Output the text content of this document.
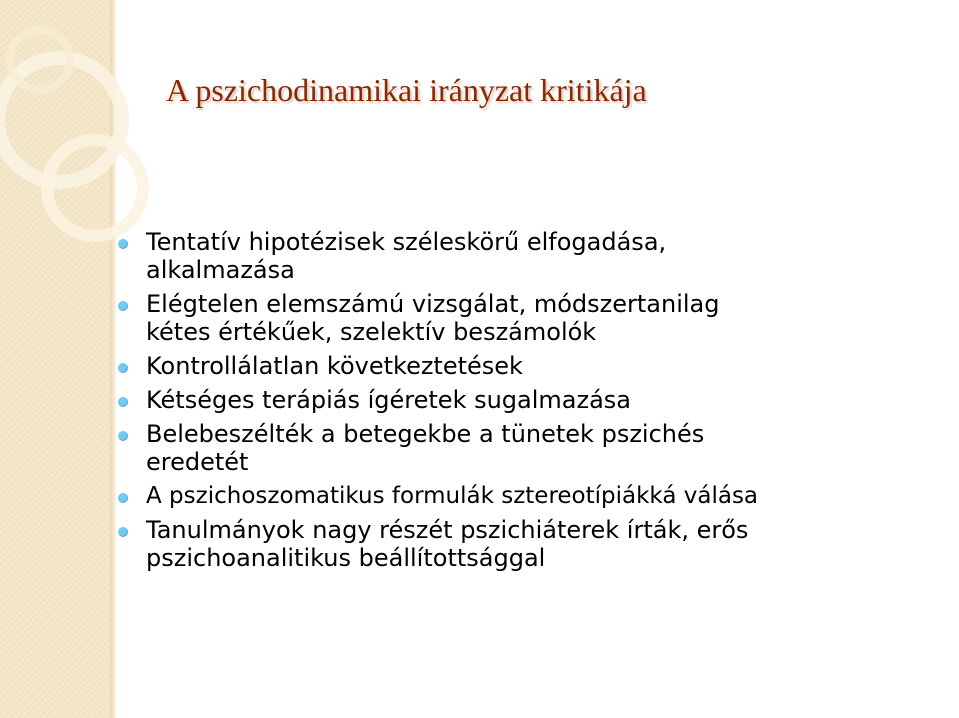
A pszichodinamikai irányzat kritikája
Tentatív hipotézisek széleskörű elfogadása, alkalmazása
Elégtelen elemszámú vizsgálat, módszertanilag kétes értékűek, szelektív beszámolók
Kontrollálatlan következtetések
Kétséges terápiás ígéretek sugalmazása
Belebeszélték a betegekbe a tünetek pszichés eredetét
A pszichoszomatikus formulák sztereotípiákká válása
Tanulmányok nagy részét pszichiáterek írták, erős pszichoanalitikus beállítottsággal
